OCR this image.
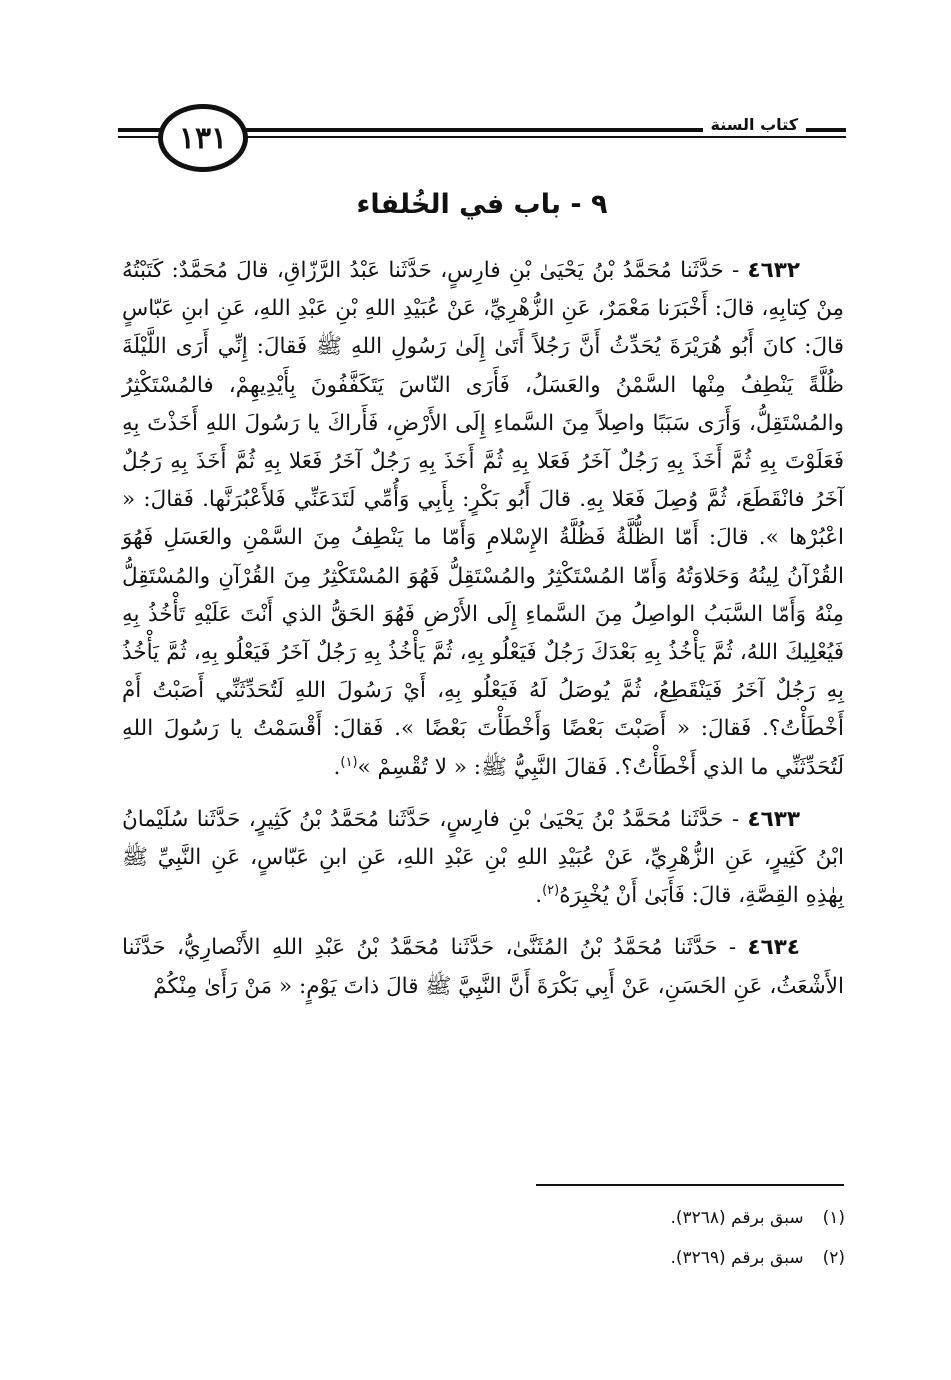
١٣١	كتاب السنة
٩ - باب في الخُلفاء

٤٦٣٢ - حَدَّثَنا مُحَمَّدُ بْنُ يَحْيَىٰ بْنِ فارِسٍ، حَدَّثَنا عَبْدُ الرَّزّاقِ، قالَ مُحَمَّدٌ: كَتَبْتُهُ مِنْ كِتابِهِ، قالَ: أَخْبَرَنا مَعْمَرٌ، عَنِ الزُّهْرِيِّ، عَنْ عُبَيْدِ اللهِ بْنِ عَبْدِ اللهِ، عَنِ ابنِ عَبّاسٍ قالَ: كانَ أَبُو هُرَيْرَةَ يُحَدِّثُ أَنَّ رَجُلاً أَتَىٰ إِلَىٰ رَسُولِ اللهِ ﷺ فَقالَ: إِنِّي أَرَى اللَّيْلَةَ ظُلَّةً يَنْطِفُ مِنْها السَّمْنُ والعَسَلُ، فَأَرَى النّاسَ يَتَكَفَّفُونَ بِأَيْدِيهِمْ، فالمُسْتَكْثِرُ والمُسْتَقِلُّ، وَأَرَى سَبَبًا واصِلاً مِنَ السَّماءِ إِلَى الأَرْضِ، فَأَراكَ يا رَسُولَ اللهِ أَخَذْتَ بِهِ فَعَلَوْتَ بِهِ ثُمَّ أَخَذَ بِهِ رَجُلٌ آخَرُ فَعَلا بِهِ ثُمَّ أَخَذَ بِهِ رَجُلٌ آخَرُ فَعَلا بِهِ ثُمَّ أَخَذَ بِهِ رَجُلٌ آخَرُ فانْقَطَعَ، ثُمَّ وُصِلَ فَعَلا بِهِ. قالَ أَبُو بَكْرٍ: بِأَبِي وَأُمِّي لَتَدَعَنِّي فَلأَعْبُرَنَّها. فَقالَ: « اعْبُرْها ». قالَ: أَمّا الظُّلَّةُ فَظُلَّةُ الإِسْلامِ وَأَمّا ما يَنْطِفُ مِنَ السَّمْنِ والعَسَلِ فَهُوَ القُرْآنُ لِينُهُ وَحَلاوَتُهُ وَأَمّا المُسْتَكْثِرُ والمُسْتَقِلُّ فَهُوَ المُسْتَكْثِرُ مِنَ القُرْآنِ والمُسْتَقِلُّ مِنْهُ وَأَمّا السَّبَبُ الواصِلُ مِنَ السَّماءِ إِلَى الأَرْضِ فَهُوَ الحَقُّ الذي أَنْتَ عَلَيْهِ تَأْخُذُ بِهِ فَيُعْلِيكَ اللهُ، ثُمَّ يَأْخُذُ بِهِ بَعْدَكَ رَجُلٌ فَيَعْلُو بِهِ، ثُمَّ يَأْخُذُ بِهِ رَجُلٌ آخَرُ فَيَعْلُو بِهِ، ثُمَّ يَأْخُذُ بِهِ رَجُلٌ آخَرُ فَيَنْقَطِعُ، ثُمَّ يُوصَلُ لَهُ فَيَعْلُو بِهِ، أَيْ رَسُولَ اللهِ لَتُحَدِّثَنِّي أَصَبْتُ أَمْ أَخْطَأْتُ؟. فَقالَ: « أَصَبْتَ بَعْضًا وَأَخْطَأْتَ بَعْضًا ». فَقالَ: أَقْسَمْتُ يا رَسُولَ اللهِ لَتُحَدِّثَنِّي ما الذي أَخْطَأْتُ؟. فَقالَ النَّبِيُّ ﷺ: « لا تُقْسِمْ »$^{(١)}$.

٤٦٣٣ - حَدَّثَنا مُحَمَّدُ بْنُ يَحْيَىٰ بْنِ فارِسٍ، حَدَّثَنا مُحَمَّدُ بْنُ كَثِيرٍ، حَدَّثَنا سُلَيْمانُ ابْنُ كَثِيرٍ، عَنِ الزُّهْرِيِّ، عَنْ عُبَيْدِ اللهِ بْنِ عَبْدِ اللهِ، عَنِ ابنِ عَبّاسٍ، عَنِ النَّبِيِّ ﷺ بِهٰذِهِ القِصَّةِ، قالَ: فَأَبَىٰ أَنْ يُخْبِرَهُ$^{(٢)}$.

٤٦٣٤ - حَدَّثَنا مُحَمَّدُ بْنُ المُثَنَّىٰ، حَدَّثَنا مُحَمَّدُ بْنُ عَبْدِ اللهِ الأَنْصارِيُّ، حَدَّثَنا الأَشْعَثُ، عَنِ الحَسَنِ، عَنْ أَبِي بَكْرَةَ أَنَّ النَّبِيَّ ﷺ قالَ ذاتَ يَوْمٍ: « مَنْ رَأَىٰ مِنْكُمْ

(١) سبق برقم (٣٢٦٨).
(٢) سبق برقم (٣٢٦٩).
